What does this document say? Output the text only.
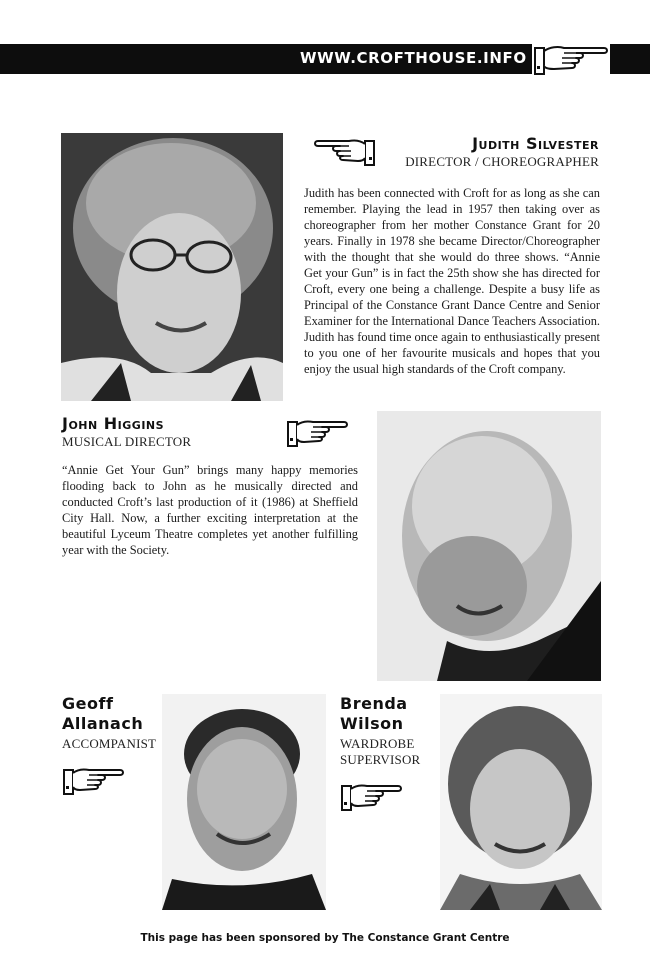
WWW.CROFTHOUSE.INFO
Judith Silvester
DIRECTOR / CHOREOGRAPHER
Judith has been connected with Croft for as long as she can remember. Playing the lead in 1957 then taking over as choreographer from her mother Constance Grant for 20 years. Finally in 1978 she became Director/Choreographer with the thought that she would do three shows. “Annie Get your Gun” is in fact the 25th show she has directed for Croft, every one being a challenge. Despite a busy life as Principal of the Constance Grant Dance Centre and Senior Examiner for the International Dance Teachers Association. Judith has found time once again to enthusiastically present to you one of her favourite musicals and hopes that you enjoy the usual high standards of the Croft company.
John Higgins
MUSICAL DIRECTOR
“Annie Get Your Gun” brings many happy memories flooding back to John as he musically directed and conducted Croft’s last production of it (1986) at Sheffield City Hall. Now, a further exciting interpretation at the beautiful Lyceum Theatre completes yet another fulfilling year with the Society.
Geoff
Allanach
ACCOMPANIST
Brenda
Wilson
WARDROBE
SUPERVISOR
This page has been sponsored by The Constance Grant Centre
